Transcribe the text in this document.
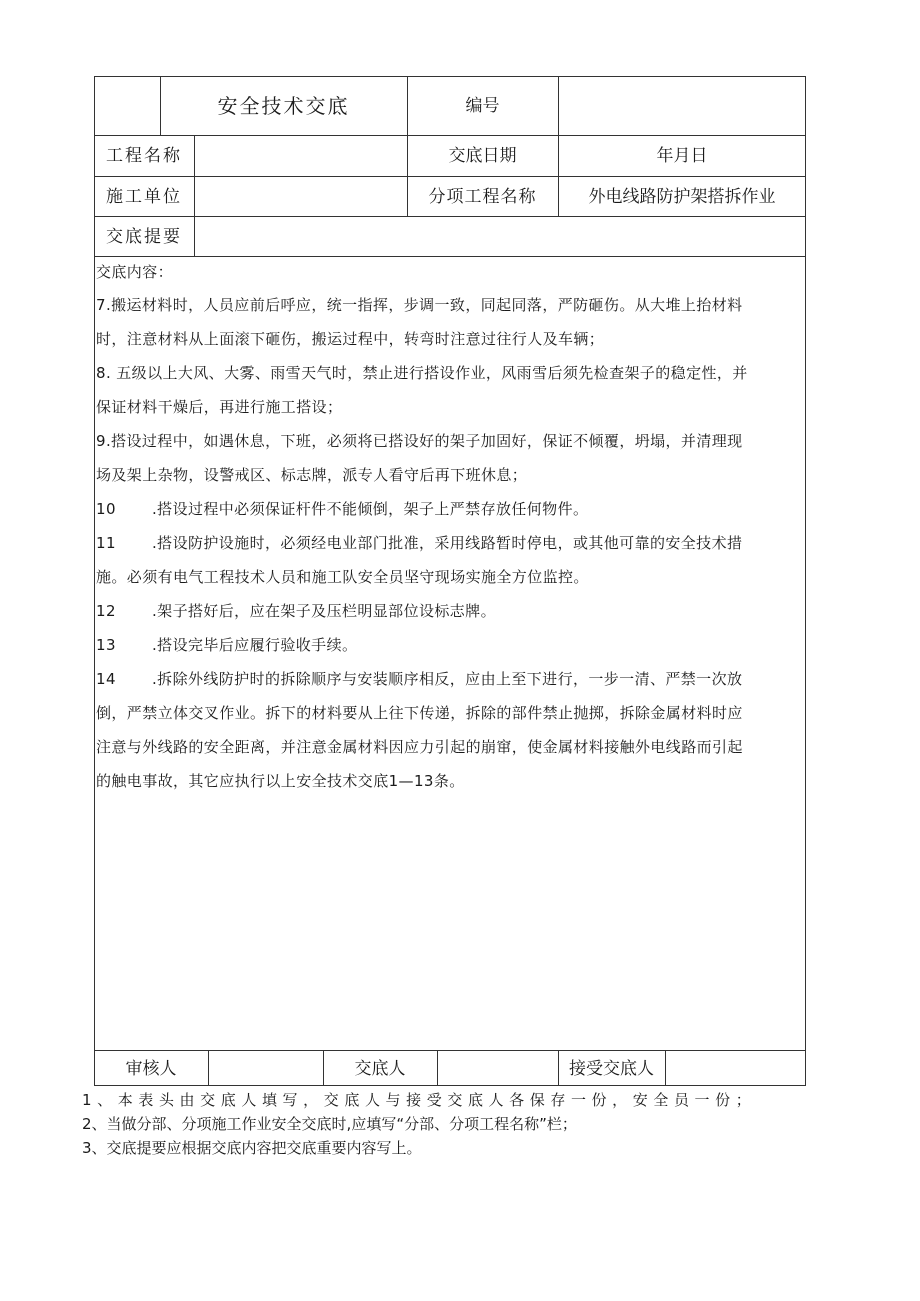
安全技术交底	编号
工程名称	交底日期	年月日
施工单位	分项工程名称	外电线路防护架搭拆作业
交底提要
交底内容：
7.搬运材料时，人员应前后呼应，统一指挥，步调一致，同起同落，严防砸伤。从大堆上抬材料
时，注意材料从上面滚下砸伤，搬运过程中，转弯时注意过往行人及车辆；
8. 五级以上大风、大雾、雨雪天气时，禁止进行搭设作业，风雨雪后须先检查架子的稳定性，并
保证材料干燥后，再进行施工搭设；
9.搭设过程中，如遇休息，下班，必须将已搭设好的架子加固好，保证不倾覆，坍塌，并清理现
场及架上杂物，设警戒区、标志牌，派专人看守后再下班休息；
10 .搭设过程中必须保证杆件不能倾倒，架子上严禁存放任何物件。
11 .搭设防护设施时，必须经电业部门批准，采用线路暂时停电，或其他可靠的安全技术措
施。必须有电气工程技术人员和施工队安全员坚守现场实施全方位监控。
12 .架子搭好后，应在架子及压栏明显部位设标志牌。
13 .搭设完毕后应履行验收手续。
14 .拆除外线防护时的拆除顺序与安装顺序相反，应由上至下进行，一步一清、严禁一次放
倒，严禁立体交叉作业。拆下的材料要从上往下传递，拆除的部件禁止抛掷，拆除金属材料时应
注意与外线路的安全距离，并注意金属材料因应力引起的崩窜，使金属材料接触外电线路而引起
的触电事故，其它应执行以上安全技术交底1—13条。
审核人	交底人	接受交底人
1、本表头由交底人填写，交底人与接受交底人各保存一份，安全员一份；
2、当做分部、分项施工作业安全交底时,应填写“分部、分项工程名称”栏；
3、交底提要应根据交底内容把交底重要内容写上。
